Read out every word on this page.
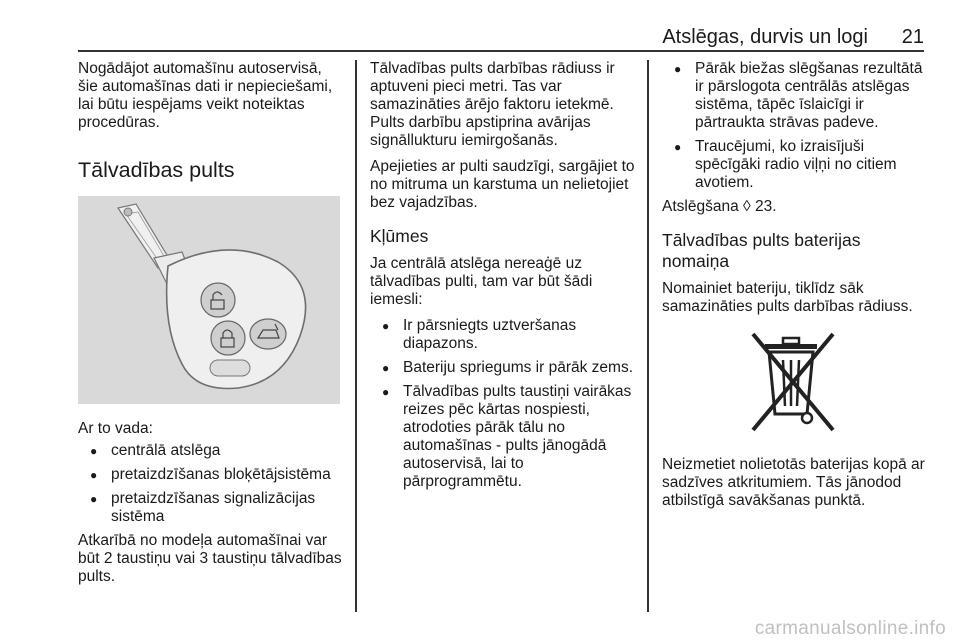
Atslēgas, durvis un logi 21

Nogādājot automašīnu autoservisā, šie automašīnas dati ir nepieciešami, lai būtu iespējams veikt noteiktas procedūras.

Tālvadības pults

Ar to vada:

● centrālā atslēga
● pretaizdzīšanas bloķētājsistēma
● pretaizdzīšanas signalizācijas sistēma

Atkarībā no modeļa automašīnai var būt 2 taustiņu vai 3 taustiņu tālvadības pults.

Tālvadības pults darbības rādiuss ir aptuveni pieci metri. Tas var samazināties ārējo faktoru ietekmē. Pults darbību apstiprina avārijas signāllukturu iemirgošanās.

Apejieties ar pulti saudzīgi, sargājiet to no mitruma un karstuma un nelietojiet bez vajadzības.

Kļūmes

Ja centrālā atslēga nereaģē uz tālvadības pulti, tam var būt šādi iemesli:

● Ir pārsniegts uztveršanas diapazons.
● Bateriju spriegums ir pārāk zems.
● Tālvadības pults taustiņi vairākas reizes pēc kārtas nospiesti, atrodoties pārāk tālu no automašīnas - pults jānogādā autoservisā, lai to pārprogrammētu.
● Pārāk biežas slēgšanas rezultātā ir pārslogota centrālās atslēgas sistēma, tāpēc īslaicīgi ir pārtraukta strāvas padeve.
● Traucējumi, ko izraisījuši spēcīgāki radio viļņi no citiem avotiem.

Atslēgšana ◊ 23.

Tālvadības pults baterijas nomaiņa

Nomainiet bateriju, tiklīdz sāk samazināties pults darbības rādiuss.

Neizmetiet nolietotās baterijas kopā ar sadzīves atkritumiem. Tās jānodod atbilstīgā savākšanas punktā.

carmanualsonline.info
